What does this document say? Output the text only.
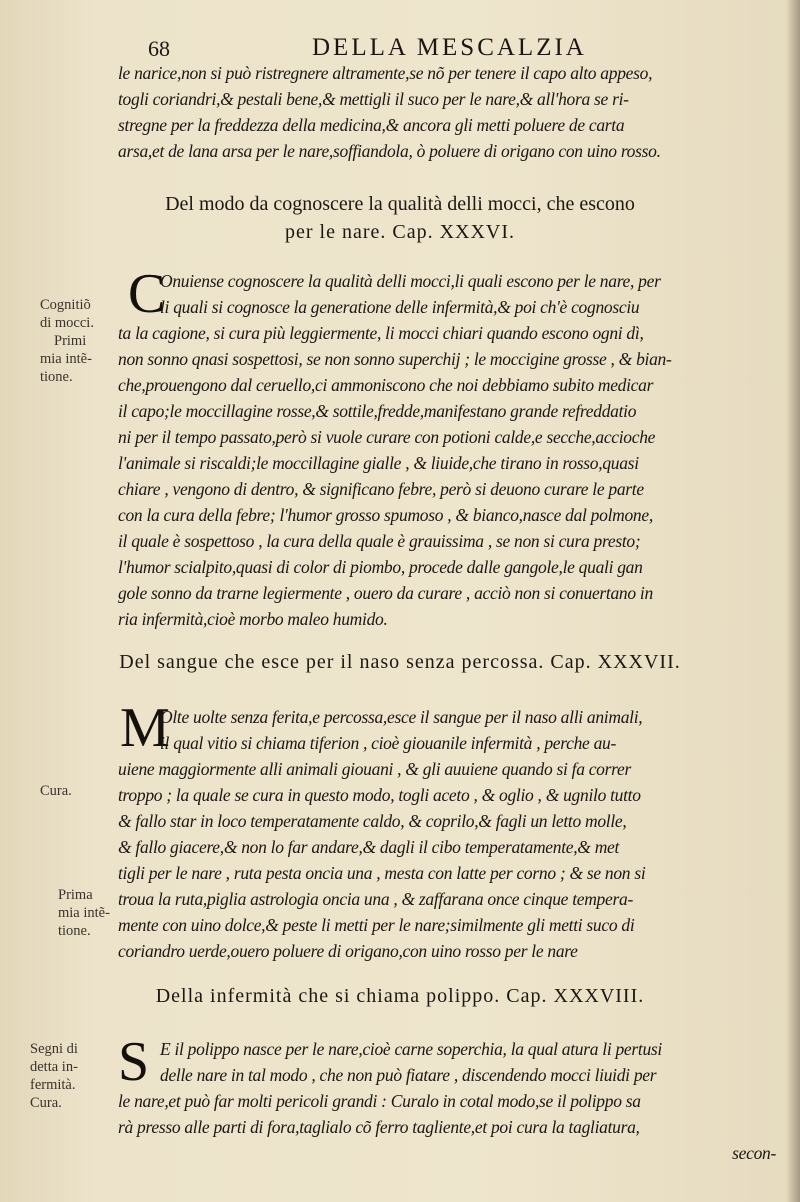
68	DELLA MESCALZIA
le narice,non si può ristregnere altramente,se nõ per tenere il capo alto appeso,
togli coriandri,& pestali bene,& mettigli il suco per le nare,& all'hora se ri-
stregne per la freddezza della medicina,& ancora gli metti poluere de carta
arsa,et de lana arsa per le nare,soffiandola, ò poluere di origano con uino rosso.
Del modo da cognoscere la qualità delli mocci, che escono
per le nare. Cap. XXXVI.
Cognitiõ
di mocci.
Primi
mia intẽ-
tione.
C
Onuiense cognoscere la qualità delli mocci,li quali escono per le nare, per
li quali si cognosce la generatione delle infermità,& poi ch'è cognosciu
ta la cagione, si cura più leggiermente, li mocci chiari quando escono ogni dì,
non sonno qnasi sospettosi, se non sonno superchij ; le moccigine grosse , & bian-
che,prouengono dal ceruello,ci ammoniscono che noi debbiamo subito medicar
il capo;le moccillagine rosse,& sottile,fredde,manifestano grande refreddatio
ni per il tempo passato,però si vuole curare con potioni calde,e secche,accioche
l'animale si riscaldi;le moccillagine gialle , & liuide,che tirano in rosso,quasi
chiare , vengono di dentro, & significano febre, però si deuono curare le parte
con la cura della febre; l'humor grosso spumoso , & bianco,nasce dal polmone,
il quale è sospettoso , la cura della quale è grauissima , se non si cura presto;
l'humor scialpito,quasi di color di piombo, procede dalle gangole,le quali gan
gole sonno da trarne legiermente , ouero da curare , acciò non si conuertano in
ria infermità,cioè morbo maleo humido.
Del sangue che esce per il naso senza percossa. Cap. XXXVII.
M
Cura.
Prima
mia intẽ-
tione.
Olte uolte senza ferita,e percossa,esce il sangue per il naso alli animali,
il qual vitio si chiama tiferion , cioè giouanile infermità , perche au-
uiene maggiormente alli animali giouani , & gli auuiene quando si fa correr
troppo ; la quale se cura in questo modo, togli aceto , & oglio , & ugnilo tutto
& fallo star in loco temperatamente caldo, & coprilo,& fagli un letto molle,
& fallo giacere,& non lo far andare,& dagli il cibo temperatamente,& met
tigli per le nare , ruta pesta oncia una , mesta con latte per corno ; & se non si
troua la ruta,piglia astrologia oncia una , & zaffarana once cinque tempera-
mente con uino dolce,& peste li metti per le nare;similmente gli metti suco di
coriandro uerde,ouero poluere di origano,con uino rosso per le nare
Della infermità che si chiama polippo. Cap. XXXVIII.
Segni di
detta in-
fermità.
Cura.
S E il polippo nasce per le nare,cioè carne soperchia, la qual atura li pertusi
delle nare in tal modo , che non può fiatare , discendendo mocci liuidi per
le nare,et può far molti pericoli grandi : Curalo in cotal modo,se il polippo sa
rà presso alle parti di fora,taglialo cõ ferro tagliente,et poi cura la tagliatura,
secon-
